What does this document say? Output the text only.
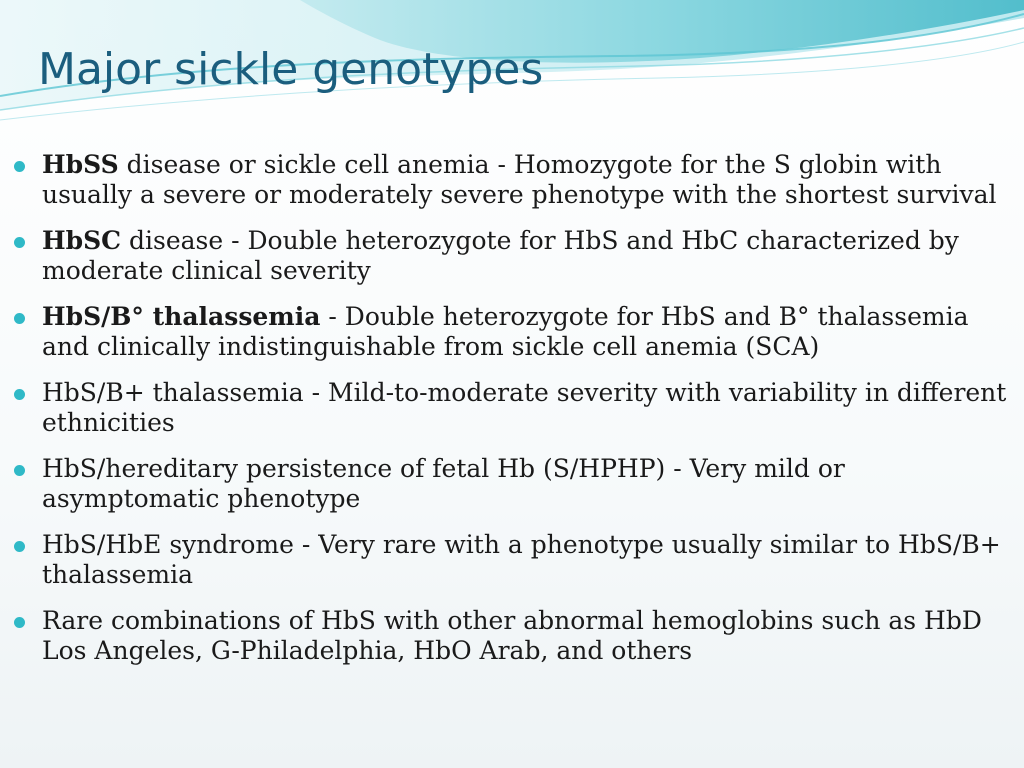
Major sickle genotypes
HbSS disease or sickle cell anemia - Homozygote for the S globin with usually a severe or moderately severe phenotype with the shortest survival
HbSC disease - Double heterozygote for HbS and HbC characterized by moderate clinical severity
HbS/B° thalassemia - Double heterozygote for HbS and B° thalassemia and clinically indistinguishable from sickle cell anemia (SCA)
HbS/B+ thalassemia - Mild-to-moderate severity with variability in different ethnicities
HbS/hereditary persistence of fetal Hb (S/HPHP) - Very mild or asymptomatic phenotype
HbS/HbE syndrome - Very rare with a phenotype usually similar to HbS/B+ thalassemia
Rare combinations of HbS with other abnormal hemoglobins such as HbD Los Angeles, G-Philadelphia, HbO Arab, and others
